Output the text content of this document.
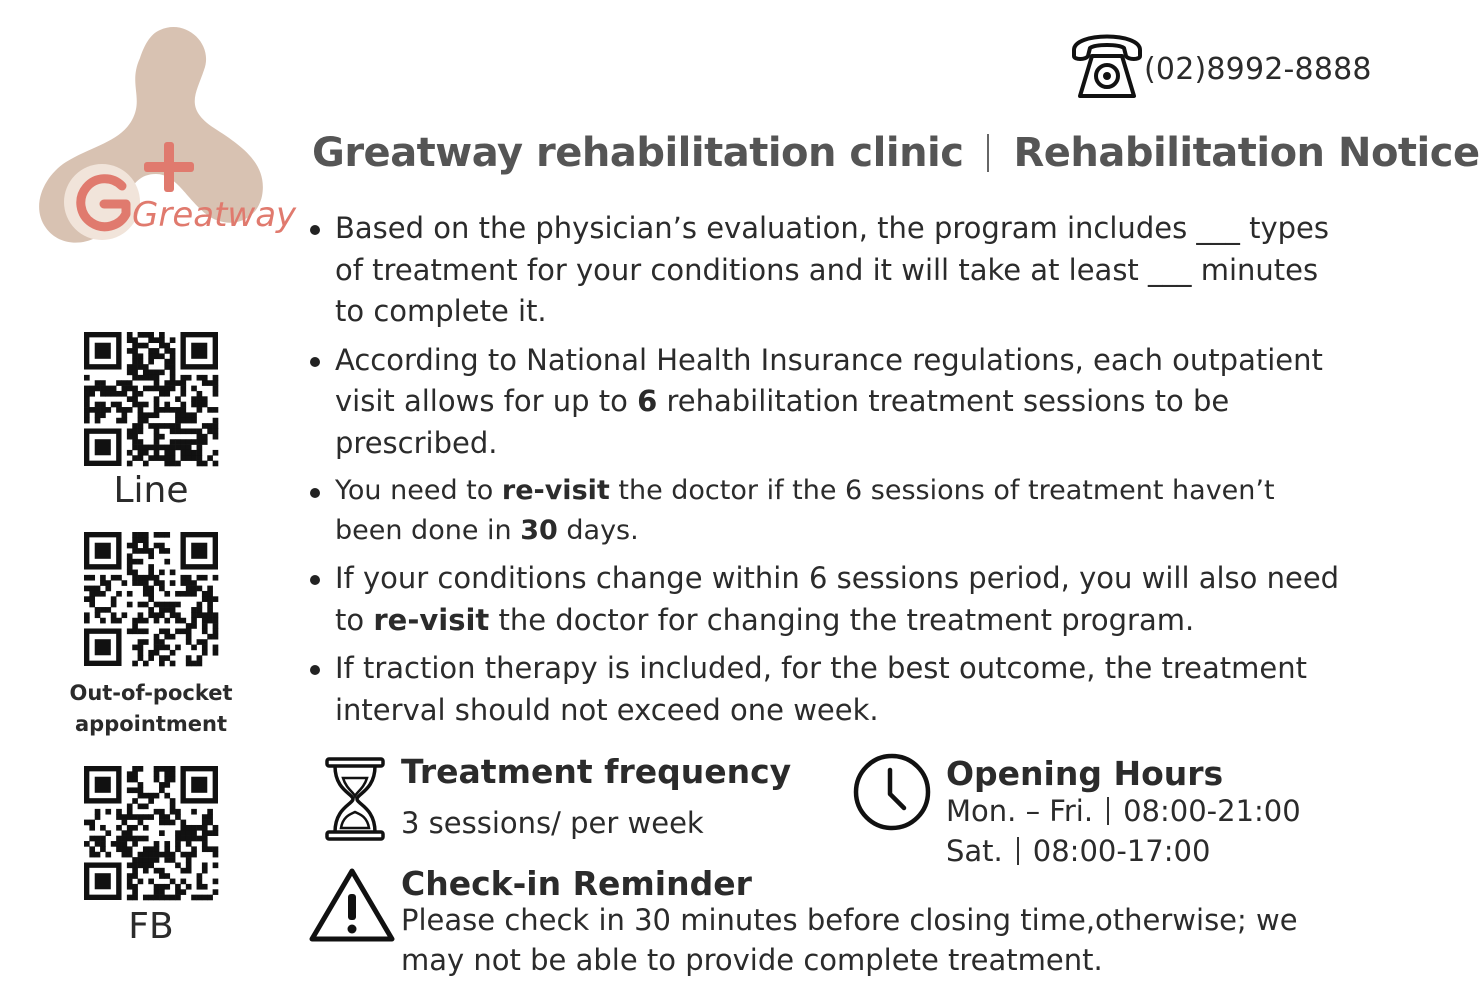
Greatway
(02)8992-8888
Greatway rehabilitation clinic Rehabilitation Notice
Based on the physician’s evaluation, the program includes ___ types of treatment for your conditions and it will take at least ___ minutes to complete it.
According to National Health Insurance regulations, each outpatient visit allows for up to 6 rehabilitation treatment sessions to be prescribed.
You need to re-visit the doctor if the 6 sessions of treatment haven’t been done in 30 days.
If your conditions change within 6 sessions period, you will also need to re-visit the doctor for changing the treatment program.
If traction therapy is included, for the best outcome, the treatment interval should not exceed one week.
Line
Out-of-pocket
appointment
FB
Treatment frequency
3 sessions/ per week
Opening Hours
Mon. – Fri. 08:00-21:00
Sat. 08:00-17:00
Check-in Reminder
Please check in 30 minutes before closing time,otherwise; we may not be able to provide complete treatment.
